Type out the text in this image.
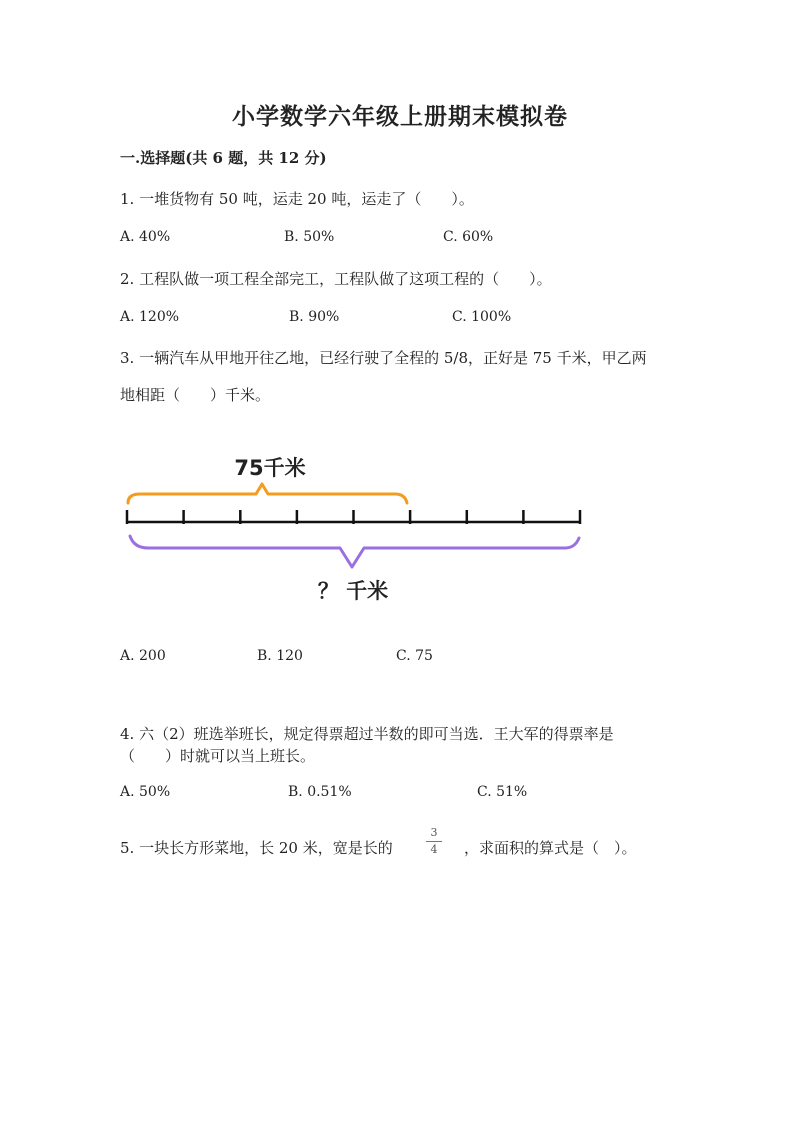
小学数学六年级上册期末模拟卷
一.选择题(共 6 题，共 12 分)
1. 一堆货物有 50 吨，运走 20 吨，运走了（　　）。
A. 40%	B. 50%	C. 60%
2. 工程队做一项工程全部完工，工程队做了这项工程的（　　）。
A. 120%	B. 90%	C. 100%
3. 一辆汽车从甲地开往乙地，已经行驶了全程的 5/8，正好是 75 千米，甲乙两
地相距（　　）千米。
75千米
？ 千米
A. 200	B. 120	C. 75
4. 六（2）班选举班长，规定得票超过半数的即可当选．王大军的得票率是
（　　）时就可以当上班长。
A. 50%	B. 0.51%	C. 51%
5. 一块长方形菜地，长 20 米，宽是长的
3
4	，求面积的算式是（　）。
